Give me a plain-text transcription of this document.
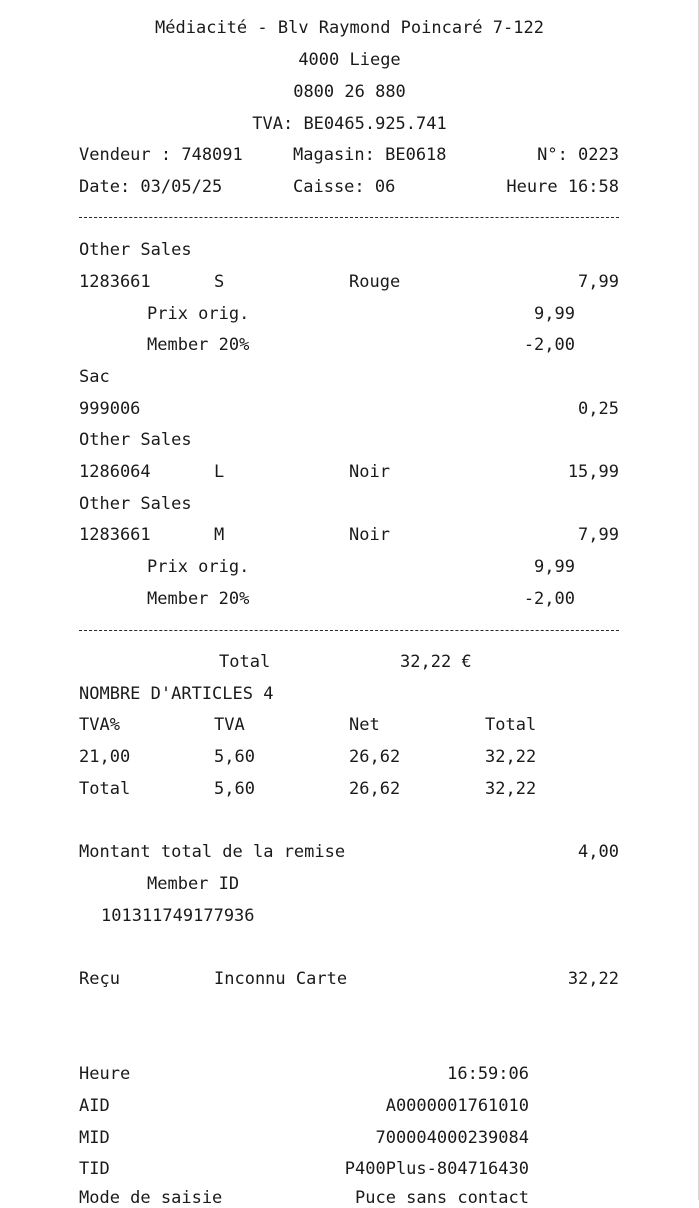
Médiacité - Blv Raymond Poincaré 7-122
4000 Liege
0800 26 880
TVA: BE0465.925.741
Vendeur : 748091	Magasin: BE0618	N°: 0223
Date: 03/05/25	Caisse: 06	Heure 16:58
Other Sales
1283661	S	Rouge	7,99
Prix orig.	9,99
Member 20%	-2,00
Sac
999006	0,25
Other Sales
1286064	L	Noir	15,99
Other Sales
1283661	M	Noir	7,99
Prix orig.	9,99
Member 20%	-2,00
Total	32,22 €
NOMBRE D'ARTICLES 4
TVA%	TVA	Net	Total
21,00	5,60	26,62	32,22
Total	5,60	26,62	32,22
Montant total de la remise	4,00
Member ID
101311749177936
Reçu	Inconnu Carte	32,22
Heure	16:59:06
AID	A0000001761010
MID	700004000239084
TID	P400Plus-804716430
Mode de saisie	Puce sans contact
